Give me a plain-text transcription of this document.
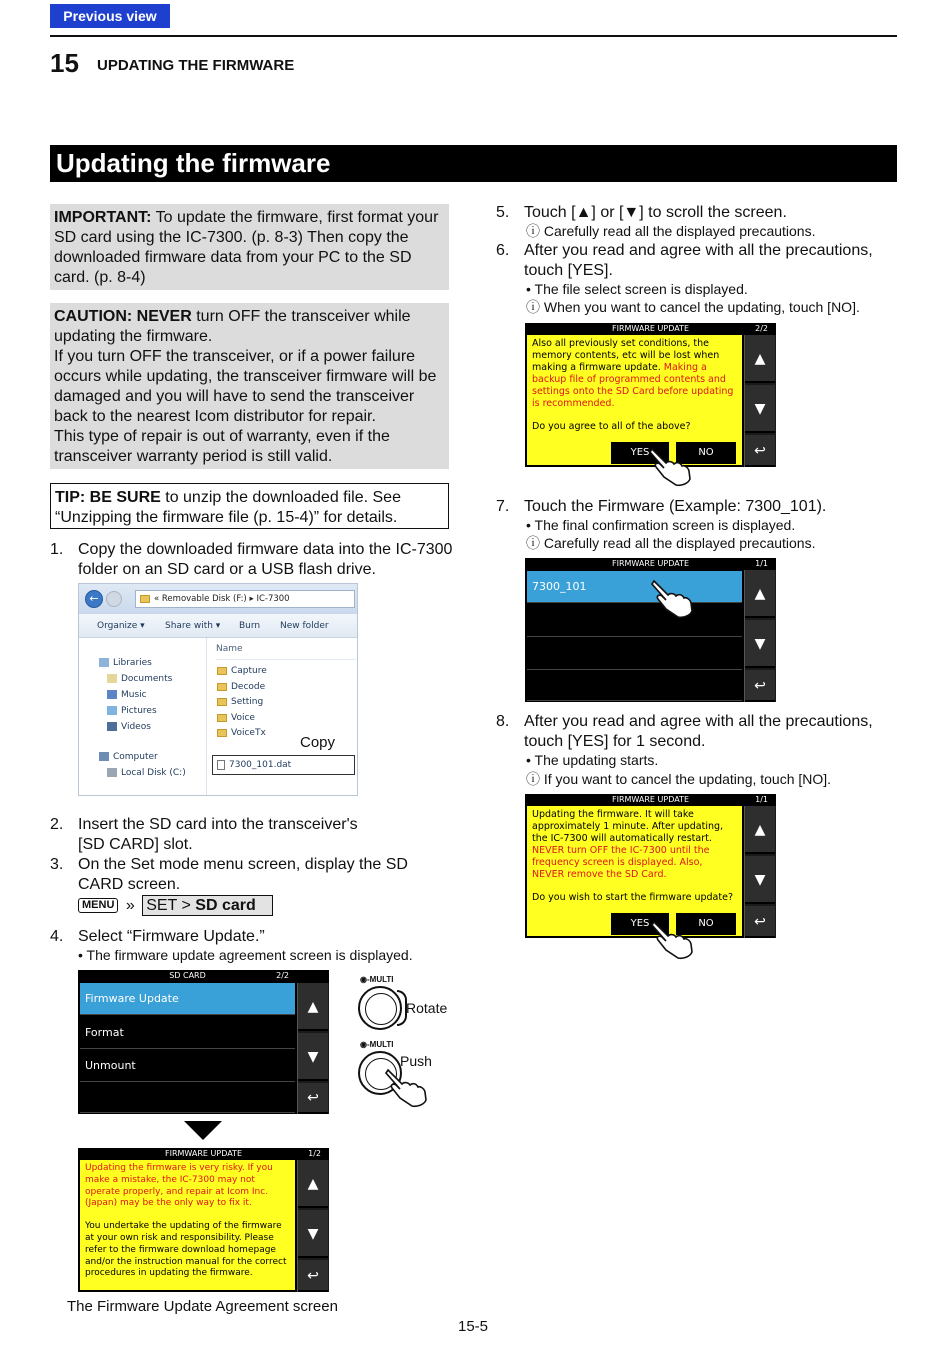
Previous view
15 UPDATING THE FIRMWARE
Updating the firmware
IMPORTANT: To update the firmware, first format your SD card using the IC-7300. (p. 8-3) Then copy the downloaded firmware data from your PC to the SD card. (p. 8-4)
CAUTION: NEVER turn OFF the transceiver while updating the firmware.
If you turn OFF the transceiver, or if a power failure occurs while updating, the transceiver firmware will be damaged and you will have to send the transceiver back to the nearest Icom distributor for repair.
This type of repair is out of warranty, even if the transceiver warranty period is still valid.
TIP: BE SURE to unzip the downloaded file. See “Unzipping the firmware file (p. 15-4)” for details.
1. Copy the downloaded firmware data into the IC-7300 folder on an SD card or a USB flash drive.
←	« Removable Disk (F:) ▸ IC-7300
Organize ▾ Share with ▾ Burn New folder
Libraries
Documents
Music
Pictures
Videos
Computer
Local Disk (C:)
Name
Capture
Decode
Setting
Voice
VoiceTx
7300_101.dat
Copy
2. Insert the SD card into the transceiver's [SD CARD] slot.
3. On the Set mode menu screen, display the SD CARD screen.
MENU » SET > SD card
4. Select “Firmware Update.”
• The firmware update agreement screen is displayed.
SD CARD	2/2
Firmware Update
Format
Unmount
▲
▼
↩
◉-MULTI
Rotate
◉-MULTI
Push
FIRMWARE UPDATE	1/2
Updating the firmware is very risky. If you make a mistake, the IC-7300 may not operate properly, and repair at Icom Inc.(Japan) may be the only way to fix it.
You undertake the updating of the firmware at your own risk and responsibility. Please refer to the firmware download homepage and/or the instruction manual for the correct procedures in updating the firmware.
▲
▼
↩
The Firmware Update Agreement screen
5. Touch [▲] or [▼] to scroll the screen.
ⓘ Carefully read all the displayed precautions.
6. After you read and agree with all the precautions, touch [YES].
• The file select screen is displayed.
ⓘ When you want to cancel the updating, touch [NO].
FIRMWARE UPDATE	2/2
Also all previously set conditions, the memory contents, etc will be lost when making a firmware update. Making a backup file of programmed contents and settings onto the SD Card before updating is recommended.
Do you agree to all of the above?
YES	NO
▲
▼
↩
7. Touch the Firmware (Example: 7300_101).
• The final confirmation screen is displayed.
ⓘ Carefully read all the displayed precautions.
FIRMWARE UPDATE	1/1
7300_101	▲
▼
↩
8. After you read and agree with all the precautions, touch [YES] for 1 second.
• The updating starts.
ⓘ If you want to cancel the updating, touch [NO].
FIRMWARE UPDATE	1/1
Updating the firmware. It will take approximately 1 minute. After updating, the IC-7300 will automatically restart. NEVER turn OFF the IC-7300 until the frequency screen is displayed. Also, NEVER remove the SD Card.
Do you wish to start the firmware update?
YES	NO
▲
▼
↩
15-5
